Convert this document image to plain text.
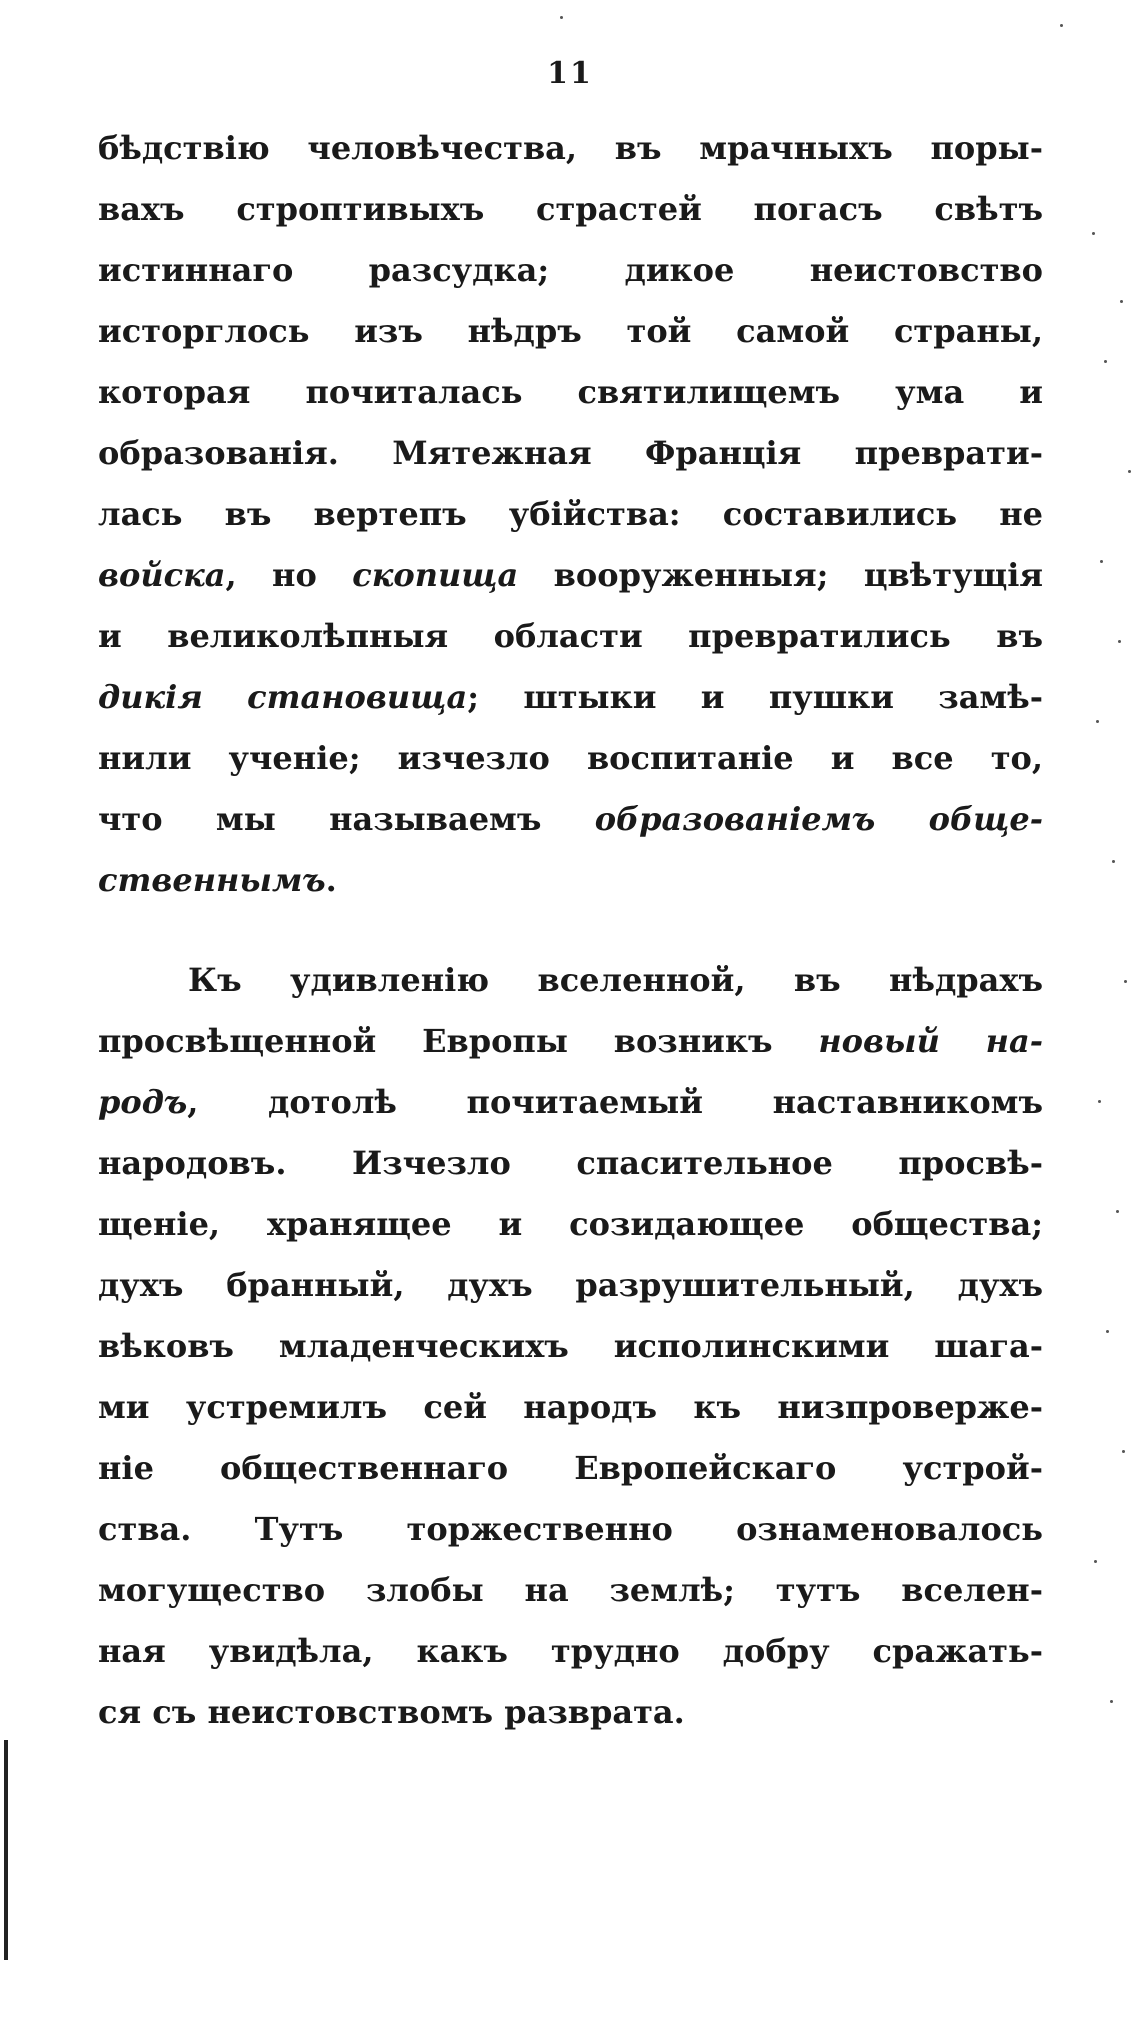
11
бѣдствію человѣчества, въ мрачныхъ поры-
вахъ строптивыхъ страстей погасъ свѣтъ
истиннаго разсудка; дикое неистовство
исторглось изъ нѣдръ той самой страны,
которая почиталась святилищемъ ума и
образованія. Мятежная Франція преврати-
лась въ вертепъ убійства: составились не
войска, но скопища вооруженныя; цвѣтущія
и великолѣпныя области превратились въ
дикія становища; штыки и пушки замѣ-
нили ученіе; изчезло воспитаніе и все то,
что мы называемъ образованіемъ обще-
ственнымъ.
Къ удивленію вселенной, въ нѣдрахъ
просвѣщенной Европы возникъ новый на-
родъ, дотолѣ почитаемый наставникомъ
народовъ. Изчезло спасительное просвѣ-
щеніе, хранящее и созидающее общества;
духъ бранный, духъ разрушительный, духъ
вѣковъ младенческихъ исполинскими шага-
ми устремилъ сей народъ къ низпроверже-
ніе общественнаго Европейскаго устрой-
ства. Тутъ торжественно ознаменовалось
могущество злобы на землѣ; тутъ вселен-
ная увидѣла, какъ трудно добру сражать-
ся съ неистовствомъ разврата.
